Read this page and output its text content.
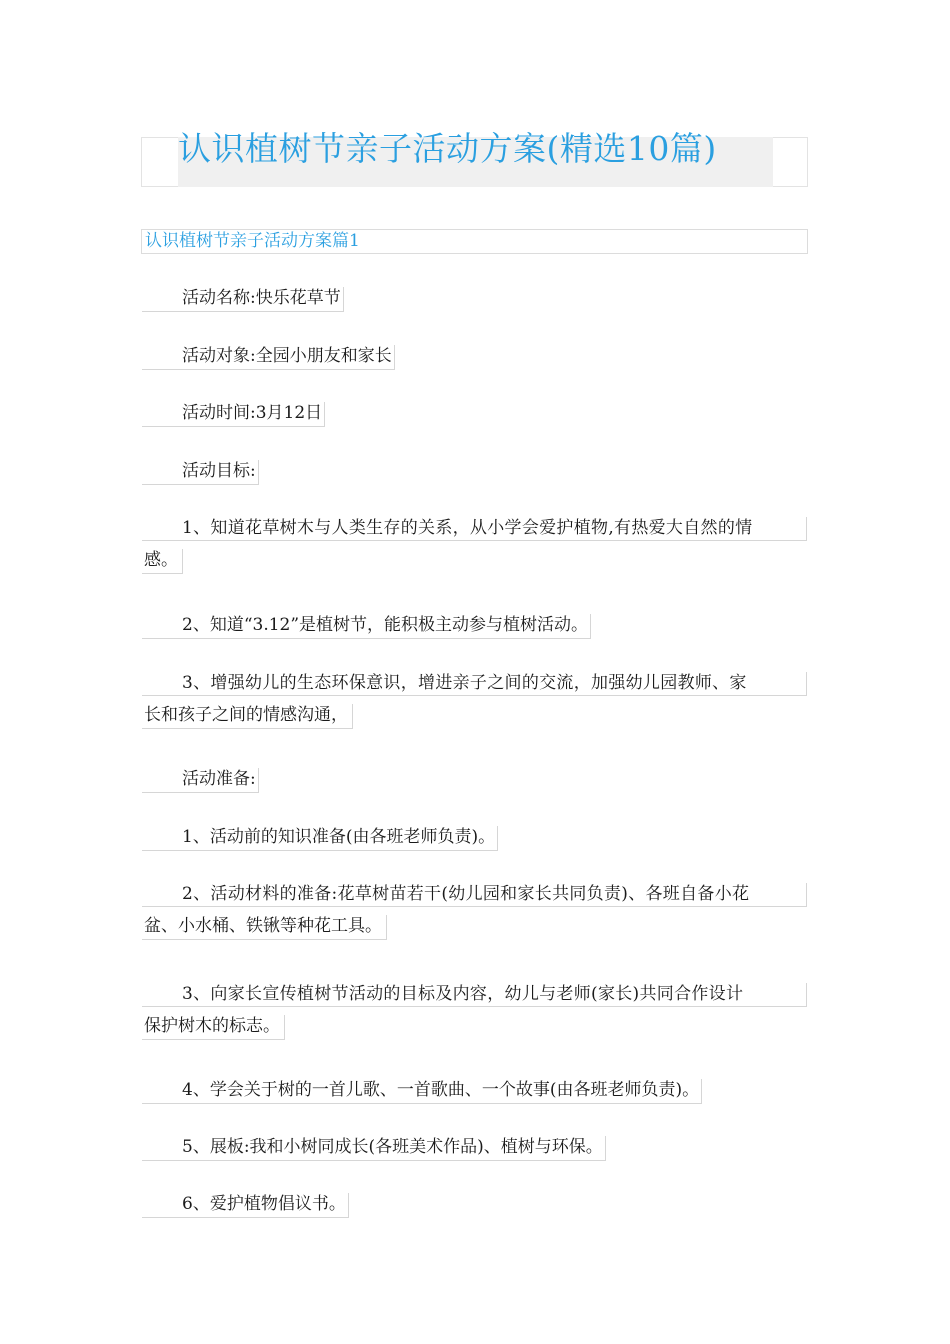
认识植树节亲子活动方案(精选10篇)
认识植树节亲子活动方案篇1
活动名称:快乐花草节
活动对象:全园小朋友和家长
活动时间:3月12日
活动目标:
1、知道花草树木与人类生存的关系，从小学会爱护植物,有热爱大自然的情
感。
2、知道“3.12”是植树节，能积极主动参与植树活动。
3、增强幼儿的生态环保意识，增进亲子之间的交流，加强幼儿园教师、家
长和孩子之间的情感沟通，
活动准备:
1、活动前的知识准备(由各班老师负责)。
2、活动材料的准备:花草树苗若干(幼儿园和家长共同负责)、各班自备小花
盆、小水桶、铁锹等种花工具。
3、向家长宣传植树节活动的目标及内容，幼儿与老师(家长)共同合作设计
保护树木的标志。
4、学会关于树的一首儿歌、一首歌曲、一个故事(由各班老师负责)。
5、展板:我和小树同成长(各班美术作品)、植树与环保。
6、爱护植物倡议书。
